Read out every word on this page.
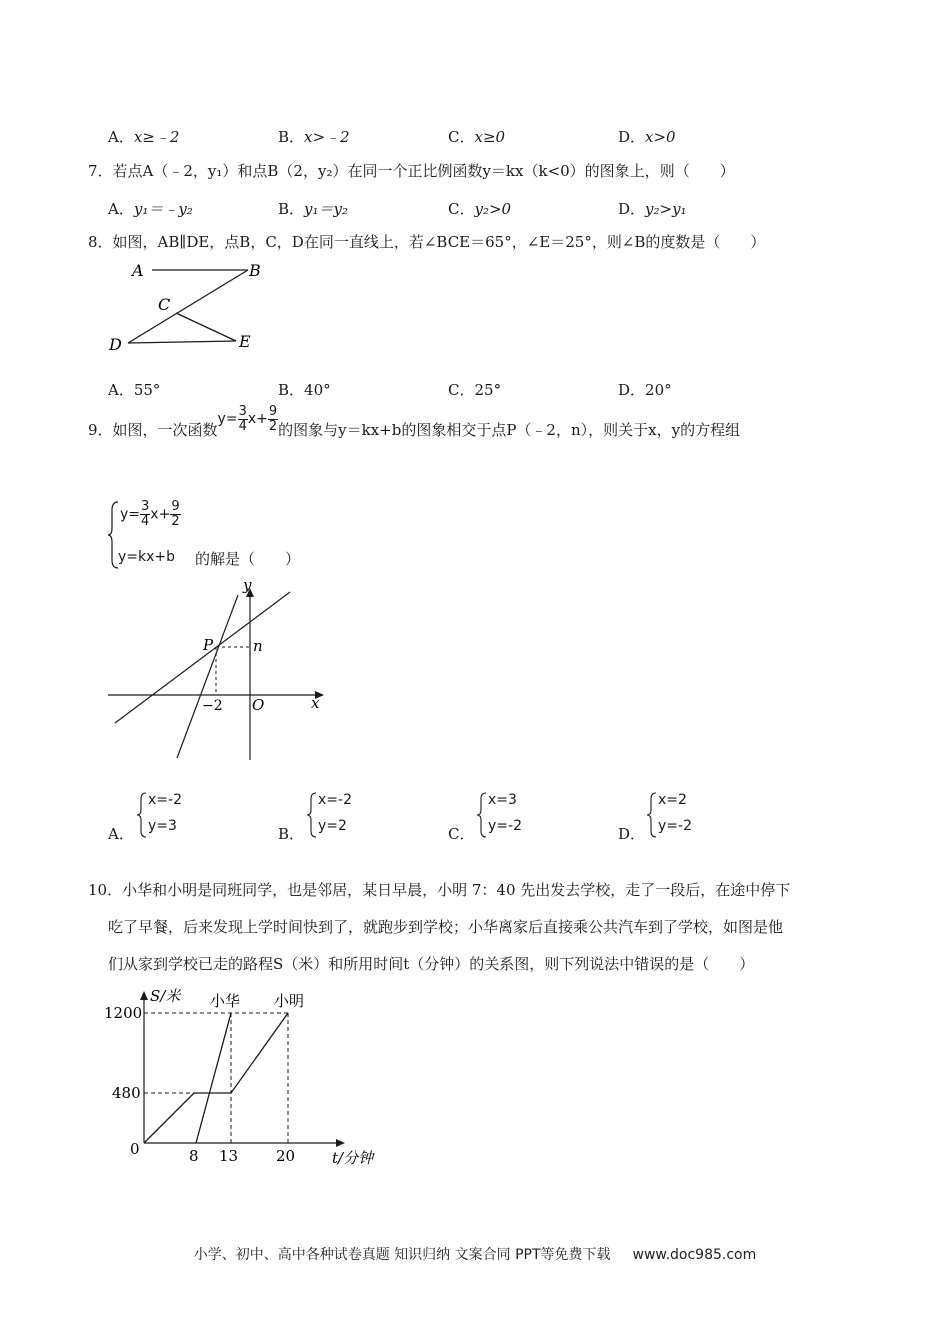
A．x≥﹣2	B．x>﹣2	C．x≥0	D．x>0
7．若点A（﹣2，y₁）和点B（2，y₂）在同一个正比例函数y＝kx（k<0）的图象上，则（　　）
A．y₁＝﹣y₂	B．y₁＝y₂	C．y₂>0	D．y₂>y₁
8．如图，AB∥DE，点B，C，D在同一直线上，若∠BCE＝65°，∠E＝25°，则∠B的度数是（　　）
A	B
C
D	E
A．55°	B．40°	C．25°	D．20°
9．如图，一次函数$y= \frac{3}{4} x+ \frac{9}{2}$ 的图象与y＝kx+b的图象相交于点P（﹣2，n），则关于x，y的方程组
$y= \frac{3}{4} x+ \frac{9}{2}$
y=kx+b 的解是（　　）
y
P	n
−2 O	x
A．
x=-2
y=3	B．
x=-2
y=2	C．
x=3
y=-2	D．
x=2
y=-2
10．小华和小明是同班同学，也是邻居，某日早晨，小明 7：40 先出发去学校，走了一段后，在途中停下
吃了早餐，后来发现上学时间快到了，就跑步到学校；小华离家后直接乘公共汽车到了学校，如图是他
们从家到学校已走的路程S（米）和所用时间t（分钟）的关系图，则下列说法中错误的是（　　）
S/米 小华 小明
1200
480
0	8 13	20 t/分钟
小学、初中、高中各种试卷真题 知识归纳 文案合同 PPT等免费下载 www.doc985.com
